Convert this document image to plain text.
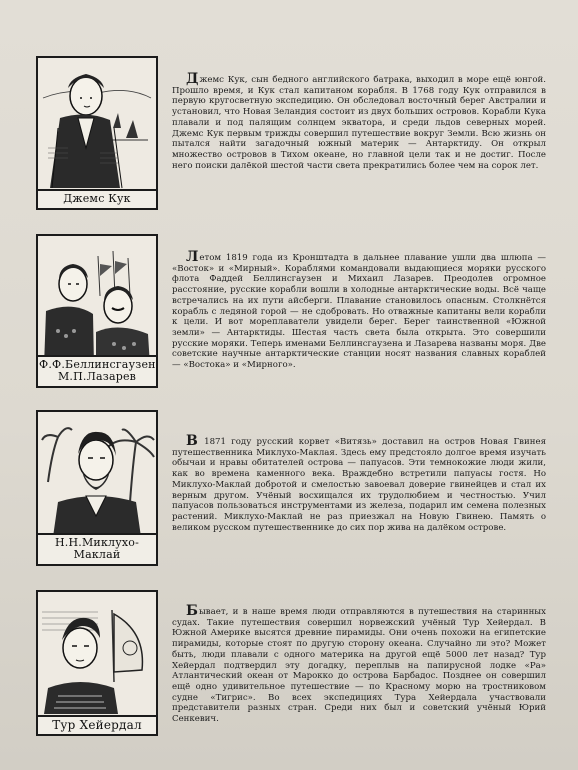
Джемс Кук

Джемс Кук, сын бедного английского батрака, выходил в море ещё юнгой. Прошло время, и Кук стал капитаном корабля. В 1768 году Кук отправился в первую кругосветную экспедицию. Он обследовал восточный берег Австралии и установил, что Новая Зеландия состоит из двух больших островов. Корабли Кука плавали и под палящим солнцем экватора, и среди льдов северных морей. Джемс Кук первым трижды совершил путешествие вокруг Земли. Всю жизнь он пытался найти загадочный южный материк — Антарктиду. Он открыл множество островов в Тихом океане, но главной цели так и не достиг. После него поиски далёкой шестой части света прекратились более чем на сорок лет.

Ф.Ф.Беллинсгаузен М.П.Лазарев

Летом 1819 года из Кронштадта в дальнее плавание ушли два шлюпа — «Восток» и «Мирный». Кораблями командовали выдающиеся моряки русского флота Фаддей Беллинсгаузен и Михаил Лазарев. Преодолев огромное расстояние, русские корабли вошли в холодные антарктические воды. Всё чаще встречались на их пути айсберги. Плавание становилось опасным. Столкнётся корабль с ледяной горой — не сдобровать. Но отважные капитаны вели корабли к цели. И вот мореплаватели увидели берег. Берег таинственной «Южной земли» — Антарктиды. Шестая часть света была открыта. Это совершили русские моряки. Теперь именами Беллинсгаузена и Лазарева названы моря. Две советские научные антарктические станции носят названия славных кораблей — «Востока» и «Мирного».

Н.Н.Миклухо-Маклай

В 1871 году русский корвет «Витязь» доставил на остров Новая Гвинея путешественника Миклухо-Маклая. Здесь ему предстояло долгое время изучать обычаи и нравы обитателей острова — папуасов. Эти темнокожие люди жили, как во времена каменного века. Враждебно встретили папуасы гостя. Но Миклухо-Маклай добротой и смелостью завоевал доверие гвинейцев и стал их верным другом. Учёный восхищался их трудолюбием и честностью. Учил папуасов пользоваться инструментами из железа, подарил им семена полезных растений. Миклухо-Маклай не раз приезжал на Новую Гвинею. Память о великом русском путешественнике до сих пор жива на далёком острове.

Тур Хейердал

Бывает, и в наше время люди отправляются в путешествия на старинных судах. Такие путешествия совершил норвежский учёный Тур Хейердал. В Южной Америке высятся древние пирамиды. Они очень похожи на египетские пирамиды, которые стоят по другую сторону океана. Случайно ли это? Может быть, люди плавали с одного материка на другой ещё 5000 лет назад? Тур Хейердал подтвердил эту догадку, переплыв на папирусной лодке «Ра» Атлантический океан от Марокко до острова Барбадос. Позднее он совершил ещё одно удивительное путешествие — по Красному морю на тростниковом судне «Тигрис». Во всех экспедициях Тура Хейердала участвовали представители разных стран. Среди них был и советский учёный Юрий Сенкевич.
